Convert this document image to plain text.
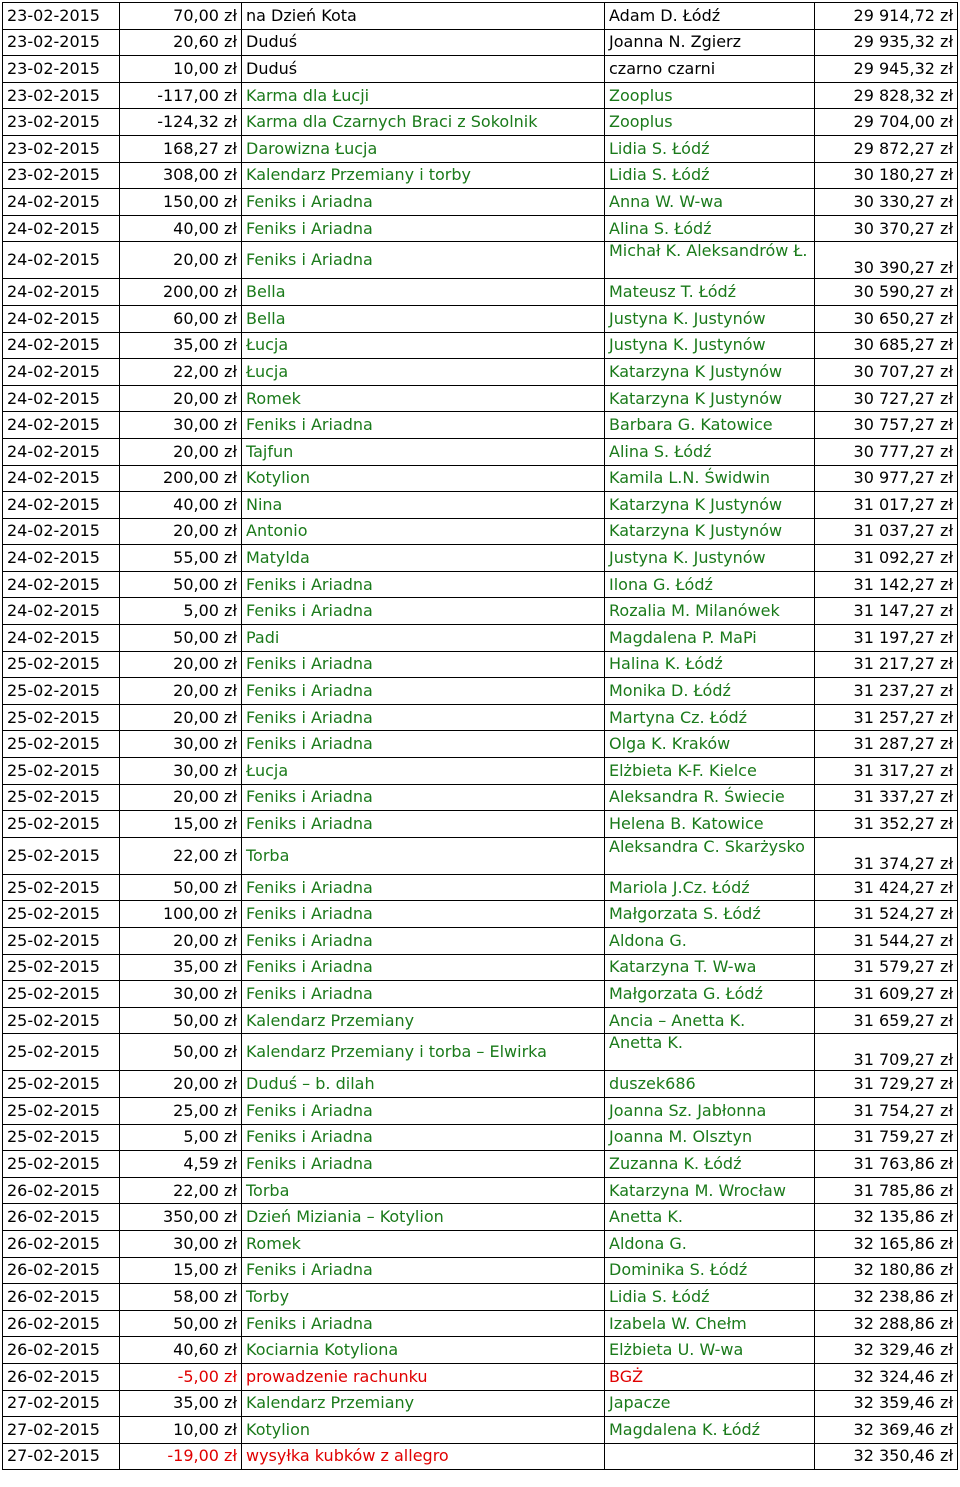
23-02-2015	70,00 zł	na Dzień Kota	Adam D. Łódź	29 914,72 zł
23-02-2015	20,60 zł	Duduś	Joanna N. Zgierz	29 935,32 zł
23-02-2015	10,00 zł	Duduś	czarno czarni	29 945,32 zł
23-02-2015	-117,00 zł	Karma dla Łucji	Zooplus	29 828,32 zł
23-02-2015	-124,32 zł	Karma dla Czarnych Braci z Sokolnik	Zooplus	29 704,00 zł
23-02-2015	168,27 zł	Darowizna Łucja	Lidia S. Łódź	29 872,27 zł
23-02-2015	308,00 zł	Kalendarz Przemiany i torby	Lidia S. Łódź	30 180,27 zł
24-02-2015	150,00 zł	Feniks i Ariadna	Anna W. W-wa	30 330,27 zł
24-02-2015	40,00 zł	Feniks i Ariadna	Alina S. Łódź	30 370,27 zł
24-02-2015	20,00 zł	Feniks i Ariadna	Michał K. Aleksandrów Ł.	30 390,27 zł
24-02-2015	200,00 zł	Bella	Mateusz T. Łódź	30 590,27 zł
24-02-2015	60,00 zł	Bella	Justyna K. Justynów	30 650,27 zł
24-02-2015	35,00 zł	Łucja	Justyna K. Justynów	30 685,27 zł
24-02-2015	22,00 zł	Łucja	Katarzyna K Justynów	30 707,27 zł
24-02-2015	20,00 zł	Romek	Katarzyna K Justynów	30 727,27 zł
24-02-2015	30,00 zł	Feniks i Ariadna	Barbara G. Katowice	30 757,27 zł
24-02-2015	20,00 zł	Tajfun	Alina S. Łódź	30 777,27 zł
24-02-2015	200,00 zł	Kotylion	Kamila L.N. Świdwin	30 977,27 zł
24-02-2015	40,00 zł	Nina	Katarzyna K Justynów	31 017,27 zł
24-02-2015	20,00 zł	Antonio	Katarzyna K Justynów	31 037,27 zł
24-02-2015	55,00 zł	Matylda	Justyna K. Justynów	31 092,27 zł
24-02-2015	50,00 zł	Feniks i Ariadna	Ilona G. Łódź	31 142,27 zł
24-02-2015	5,00 zł	Feniks i Ariadna	Rozalia M. Milanówek	31 147,27 zł
24-02-2015	50,00 zł	Padi	Magdalena P. MaPi	31 197,27 zł
25-02-2015	20,00 zł	Feniks i Ariadna	Halina K. Łódź	31 217,27 zł
25-02-2015	20,00 zł	Feniks i Ariadna	Monika D. Łódź	31 237,27 zł
25-02-2015	20,00 zł	Feniks i Ariadna	Martyna Cz. Łódź	31 257,27 zł
25-02-2015	30,00 zł	Feniks i Ariadna	Olga K. Kraków	31 287,27 zł
25-02-2015	30,00 zł	Łucja	Elżbieta K-F. Kielce	31 317,27 zł
25-02-2015	20,00 zł	Feniks i Ariadna	Aleksandra R. Świecie	31 337,27 zł
25-02-2015	15,00 zł	Feniks i Ariadna	Helena B. Katowice	31 352,27 zł
25-02-2015	22,00 zł	Torba	Aleksandra C. Skarżysko	31 374,27 zł
25-02-2015	50,00 zł	Feniks i Ariadna	Mariola J.Cz. Łódź	31 424,27 zł
25-02-2015	100,00 zł	Feniks i Ariadna	Małgorzata S. Łódź	31 524,27 zł
25-02-2015	20,00 zł	Feniks i Ariadna	Aldona G.	31 544,27 zł
25-02-2015	35,00 zł	Feniks i Ariadna	Katarzyna T. W-wa	31 579,27 zł
25-02-2015	30,00 zł	Feniks i Ariadna	Małgorzata G. Łódź	31 609,27 zł
25-02-2015	50,00 zł	Kalendarz Przemiany	Ancia – Anetta K.	31 659,27 zł
25-02-2015	50,00 zł	Kalendarz Przemiany i torba – Elwirka	Anetta K.	31 709,27 zł
25-02-2015	20,00 zł	Duduś – b. dilah	duszek686	31 729,27 zł
25-02-2015	25,00 zł	Feniks i Ariadna	Joanna Sz. Jabłonna	31 754,27 zł
25-02-2015	5,00 zł	Feniks i Ariadna	Joanna M. Olsztyn	31 759,27 zł
25-02-2015	4,59 zł	Feniks i Ariadna	Zuzanna K. Łódź	31 763,86 zł
26-02-2015	22,00 zł	Torba	Katarzyna M. Wrocław	31 785,86 zł
26-02-2015	350,00 zł	Dzień Miziania – Kotylion	Anetta K.	32 135,86 zł
26-02-2015	30,00 zł	Romek	Aldona G.	32 165,86 zł
26-02-2015	15,00 zł	Feniks i Ariadna	Dominika S. Łódź	32 180,86 zł
26-02-2015	58,00 zł	Torby	Lidia S. Łódź	32 238,86 zł
26-02-2015	50,00 zł	Feniks i Ariadna	Izabela W. Chełm	32 288,86 zł
26-02-2015	40,60 zł	Kociarnia Kotyliona	Elżbieta U. W-wa	32 329,46 zł
26-02-2015	-5,00 zł	prowadzenie rachunku	BGŻ	32 324,46 zł
27-02-2015	35,00 zł	Kalendarz Przemiany	Japacze	32 359,46 zł
27-02-2015	10,00 zł	Kotylion	Magdalena K. Łódź	32 369,46 zł
27-02-2015	-19,00 zł	wysyłka kubków z allegro		32 350,46 zł
